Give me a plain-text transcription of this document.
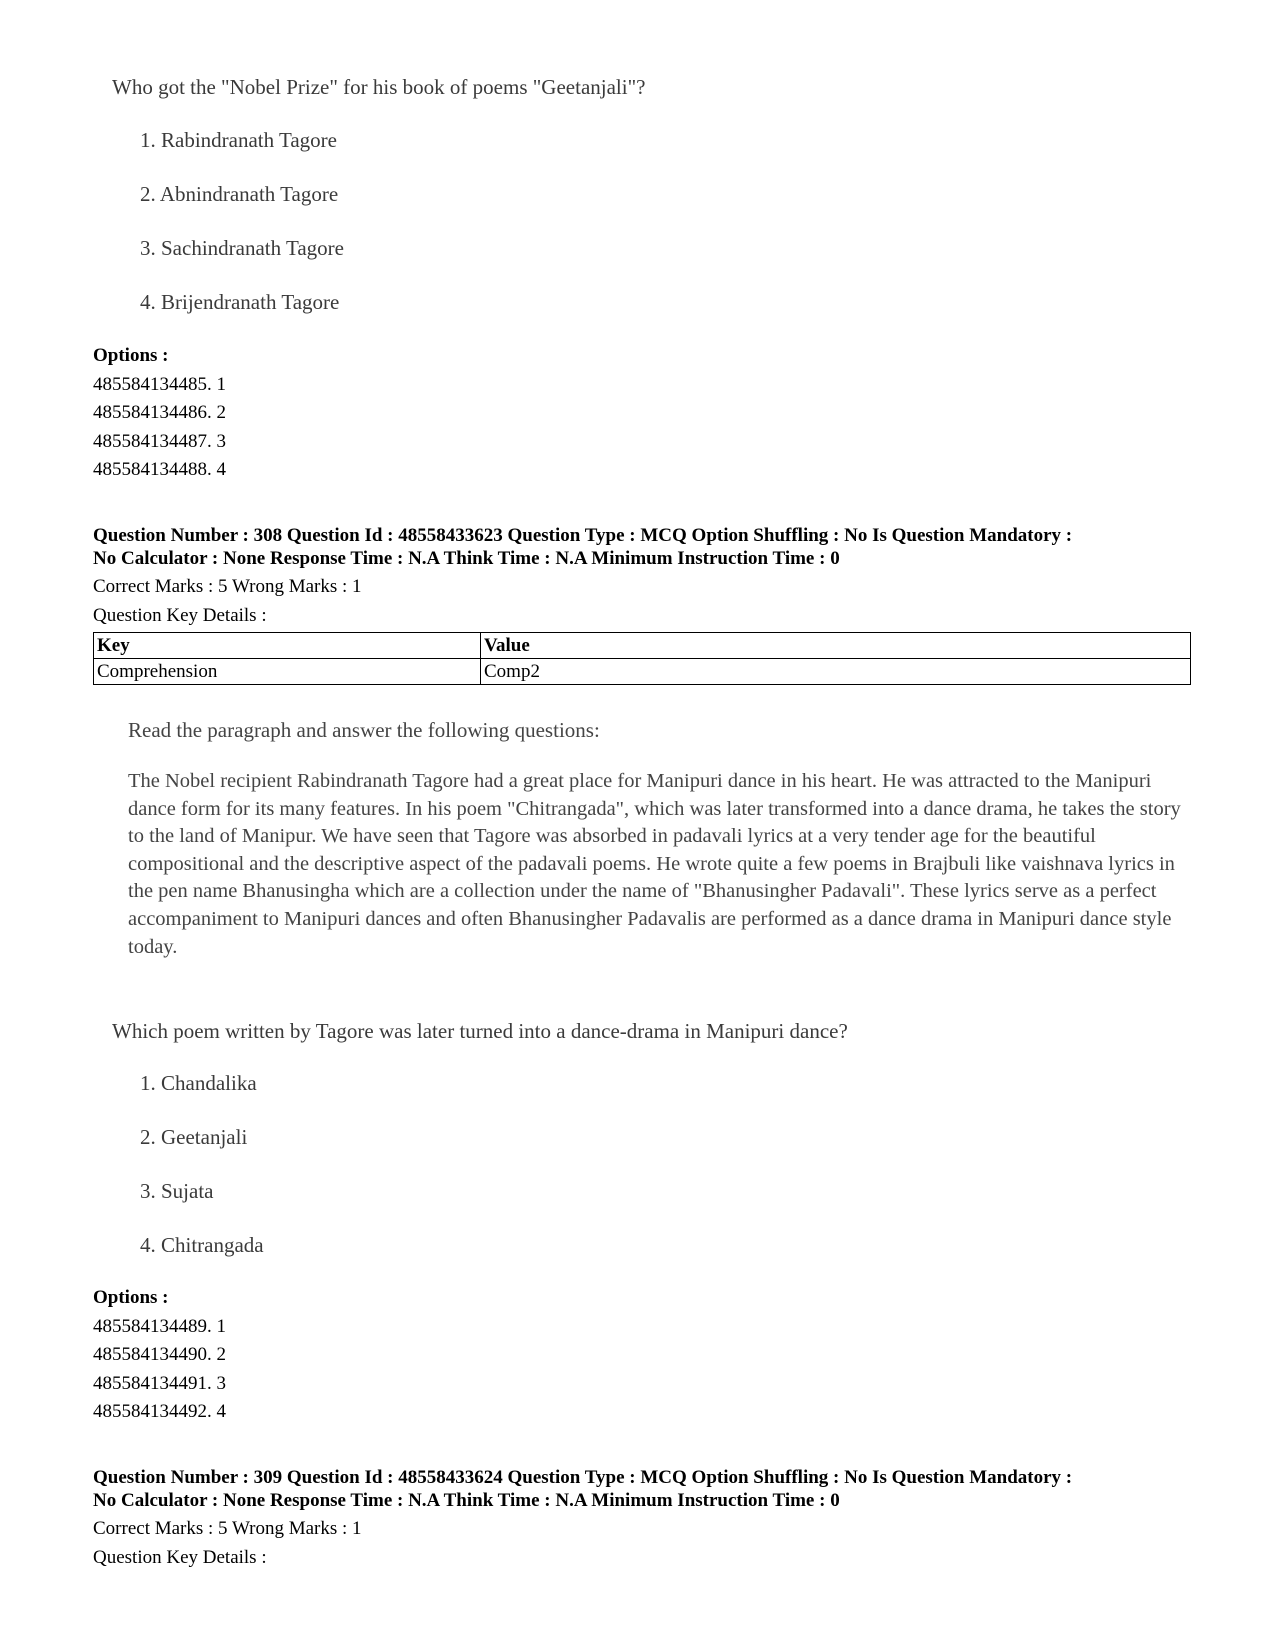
Who got the "Nobel Prize" for his book of poems "Geetanjali"?
1. Rabindranath Tagore
2. Abnindranath Tagore
3. Sachindranath Tagore
4. Brijendranath Tagore
Options :
485584134485. 1
485584134486. 2
485584134487. 3
485584134488. 4
Question Number : 308 Question Id : 48558433623 Question Type : MCQ Option Shuffling : No Is Question Mandatory :
No Calculator : None Response Time : N.A Think Time : N.A Minimum Instruction Time : 0
Correct Marks : 5 Wrong Marks : 1
Question Key Details :
Key	Value
Comprehension	Comp2
Read the paragraph and answer the following questions:
The Nobel recipient Rabindranath Tagore had a great place for Manipuri dance in his heart. He was attracted to the Manipuri dance form for its many features. In his poem "Chitrangada", which was later transformed into a dance drama, he takes the story to the land of Manipur. We have seen that Tagore was absorbed in padavali lyrics at a very tender age for the beautiful compositional and the descriptive aspect of the padavali poems. He wrote quite a few poems in Brajbuli like vaishnava lyrics in the pen name Bhanusingha which are a collection under the name of "Bhanusingher Padavali". These lyrics serve as a perfect accompaniment to Manipuri dances and often Bhanusingher Padavalis are performed as a dance drama in Manipuri dance style today.
Which poem written by Tagore was later turned into a dance-drama in Manipuri dance?
1. Chandalika
2. Geetanjali
3. Sujata
4. Chitrangada
Options :
485584134489. 1
485584134490. 2
485584134491. 3
485584134492. 4
Question Number : 309 Question Id : 48558433624 Question Type : MCQ Option Shuffling : No Is Question Mandatory :
No Calculator : None Response Time : N.A Think Time : N.A Minimum Instruction Time : 0
Correct Marks : 5 Wrong Marks : 1
Question Key Details :
